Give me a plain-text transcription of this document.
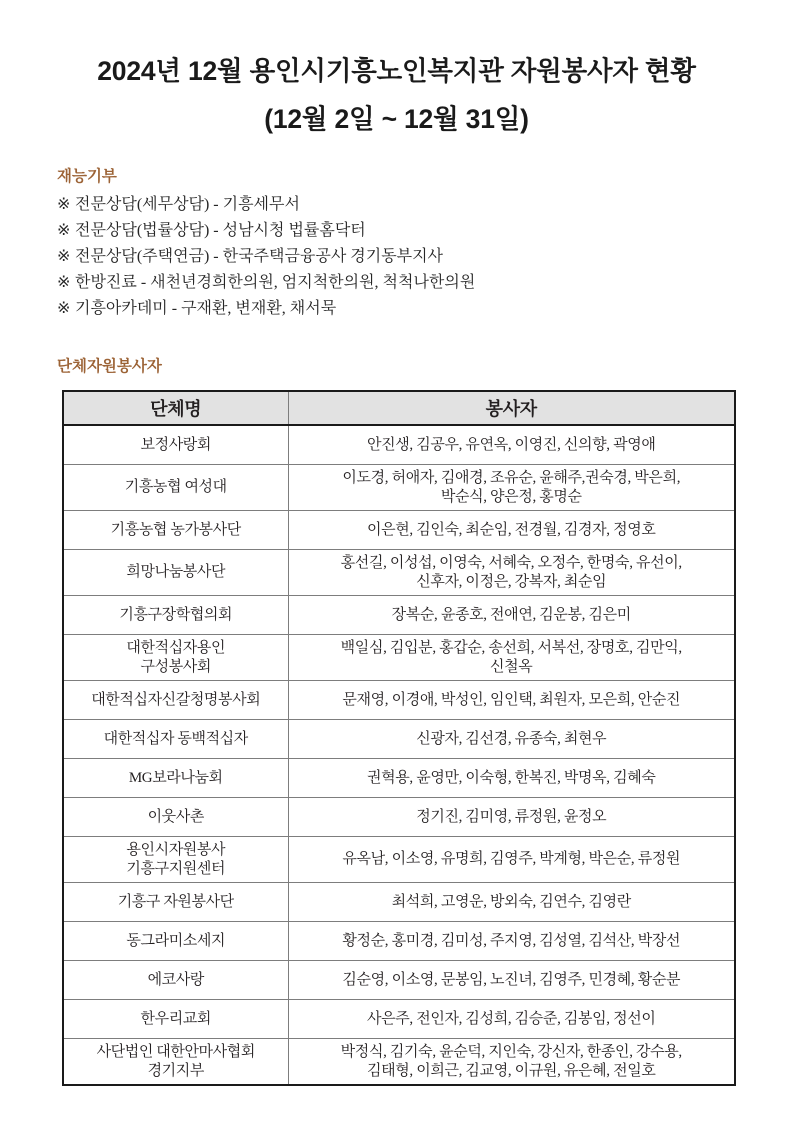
2024년 12월 용인시기흥노인복지관 자원봉사자 현황
(12월 2일 ~ 12월 31일)
재능기부
※ 전문상담(세무상담) - 기흥세무서
※ 전문상담(법률상담) - 성남시청 법률홈닥터
※ 전문상담(주택연금) - 한국주택금융공사 경기동부지사
※ 한방진료 - 새천년경희한의원, 엄지척한의원, 척척나한의원
※ 기흥아카데미 - 구재환, 변재환, 채서묵
단체자원봉사자
단체명	봉사자

보정사랑회	안진생, 김공우, 유연옥, 이영진, 신의향, 곽영애

기흥농협 여성대	이도경, 허애자, 김애경, 조유순, 윤해주,권숙경, 박은희,
박순식, 양은정, 홍명순

기흥농협 농가봉사단	이은현, 김인숙, 최순임, 전경월, 김경자, 정영호

희망나눔봉사단	홍선길, 이성섭, 이영숙, 서혜숙, 오정수, 한명숙, 유선이,
신후자, 이정은, 강복자, 최순임

기흥구장학협의회	장복순, 윤종호, 전애연, 김운봉, 김은미

대한적십자용인
구성봉사회	백일심, 김입분, 홍갑순, 송선희, 서복선, 장명호, 김만익,
신철옥

대한적십자신갈청명봉사회	문재영, 이경애, 박성인, 임인택, 최원자, 모은희, 안순진

대한적십자 동백적십자	신광자, 김선경, 유종숙, 최현우

MG보라나눔회	권혁용, 윤영만, 이숙형, 한복진, 박명옥, 김혜숙

이웃사촌	정기진, 김미영, 류정원, 윤정오

용인시자원봉사
기흥구지원센터	유옥남, 이소영, 유명희, 김영주, 박계형, 박은순, 류정원

기흥구 자원봉사단	최석희, 고영운, 방외숙, 김연수, 김영란

동그라미소세지	황정순, 홍미경, 김미성, 주지영, 김성열, 김석산, 박장선

에코사랑	김순영, 이소영, 문봉임, 노진녀, 김영주, 민경혜, 황순분

한우리교회	사은주, 전인자, 김성희, 김승준, 김봉임, 정선이

사단법인 대한안마사협회
경기지부	박정식, 김기숙, 윤순덕, 지인숙, 강신자, 한종인, 강수용,
김태형, 이희근, 김교영, 이규원, 유은혜, 전일호
